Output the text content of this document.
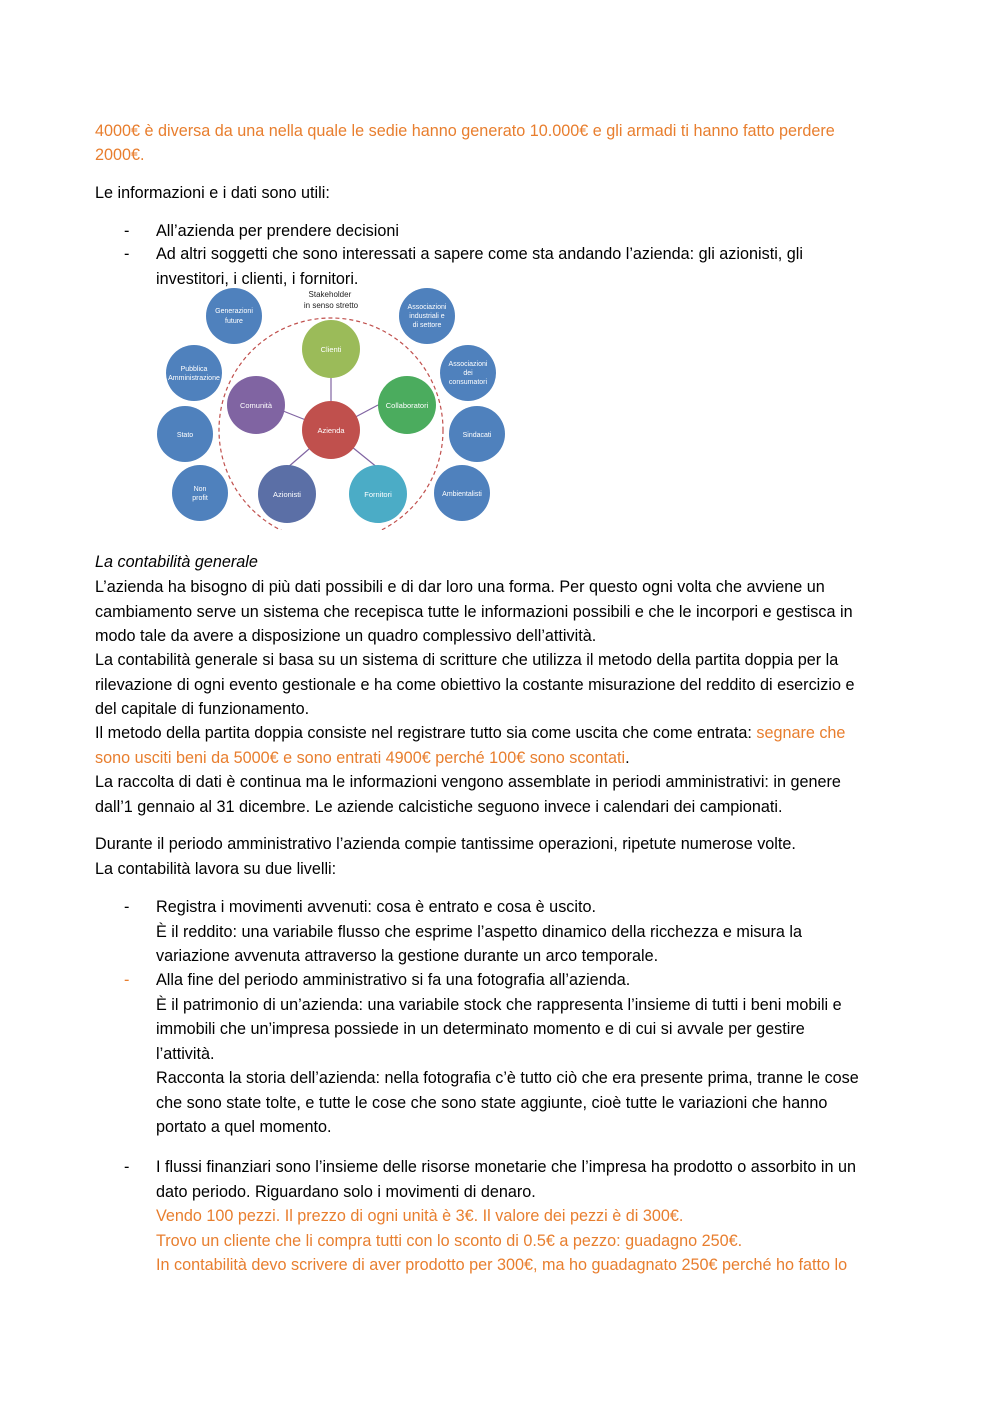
4000€ è diversa da una nella quale le sedie hanno generato 10.000€ e gli armadi ti hanno fatto perdere

2000€.

Le informazioni e i dati sono utili:

- All’azienda per prendere decisioni

- Ad altri soggetti che sono interessati a sapere come sta andando l’azienda: gli azionisti, gli
investitori, i clienti, i fornitori.

Stakeholder in senso stretto
Generazioni future
Pubblica Amministrazione
Stato
Non profit
Associazioni industriali e di settore
Associazioni dei consumatori
Sindacati
Ambientalisti
Clienti
Collaboratori
Fornitori
Azionisti
Comunità
Azienda

La contabilità generale

L’azienda ha bisogno di più dati possibili e di dar loro una forma. Per questo ogni volta che avviene un
cambiamento serve un sistema che recepisca tutte le informazioni possibili e che le incorpori e gestisca in
modo tale da avere a disposizione un quadro complessivo dell’attività.

La contabilità generale si basa su un sistema di scritture che utilizza il metodo della partita doppia per la
rilevazione di ogni evento gestionale e ha come obiettivo la costante misurazione del reddito di esercizio e
del capitale di funzionamento.

Il metodo della partita doppia consiste nel registrare tutto sia come uscita che come entrata: segnare che
sono usciti beni da 5000€ e sono entrati 4900€ perché 100€ sono scontati.

La raccolta di dati è continua ma le informazioni vengono assemblate in periodi amministrativi: in genere
dall’1 gennaio al 31 dicembre. Le aziende calcistiche seguono invece i calendari dei campionati.

Durante il periodo amministrativo l’azienda compie tantissime operazioni, ripetute numerose volte.
La contabilità lavora su due livelli:

- Registra i movimenti avvenuti: cosa è entrato e cosa è uscito.
È il reddito: una variabile flusso che esprime l’aspetto dinamico della ricchezza e misura la
variazione avvenuta attraverso la gestione durante un arco temporale.

- Alla fine del periodo amministrativo si fa una fotografia all’azienda.
È il patrimonio di un’azienda: una variabile stock che rappresenta l’insieme di tutti i beni mobili e
immobili che un’impresa possiede in un determinato momento e di cui si avvale per gestire
l’attività.
Racconta la storia dell’azienda: nella fotografia c’è tutto ciò che era presente prima, tranne le cose
che sono state tolte, e tutte le cose che sono state aggiunte, cioè tutte le variazioni che hanno
portato a quel momento.

- I flussi finanziari sono l’insieme delle risorse monetarie che l’impresa ha prodotto o assorbito in un
dato periodo. Riguardano solo i movimenti di denaro.
Vendo 100 pezzi. Il prezzo di ogni unità è 3€. Il valore dei pezzi è di 300€.
Trovo un cliente che li compra tutti con lo sconto di 0.5€ a pezzo: guadagno 250€.
In contabilità devo scrivere di aver prodotto per 300€, ma ho guadagnato 250€ perché ho fatto lo
